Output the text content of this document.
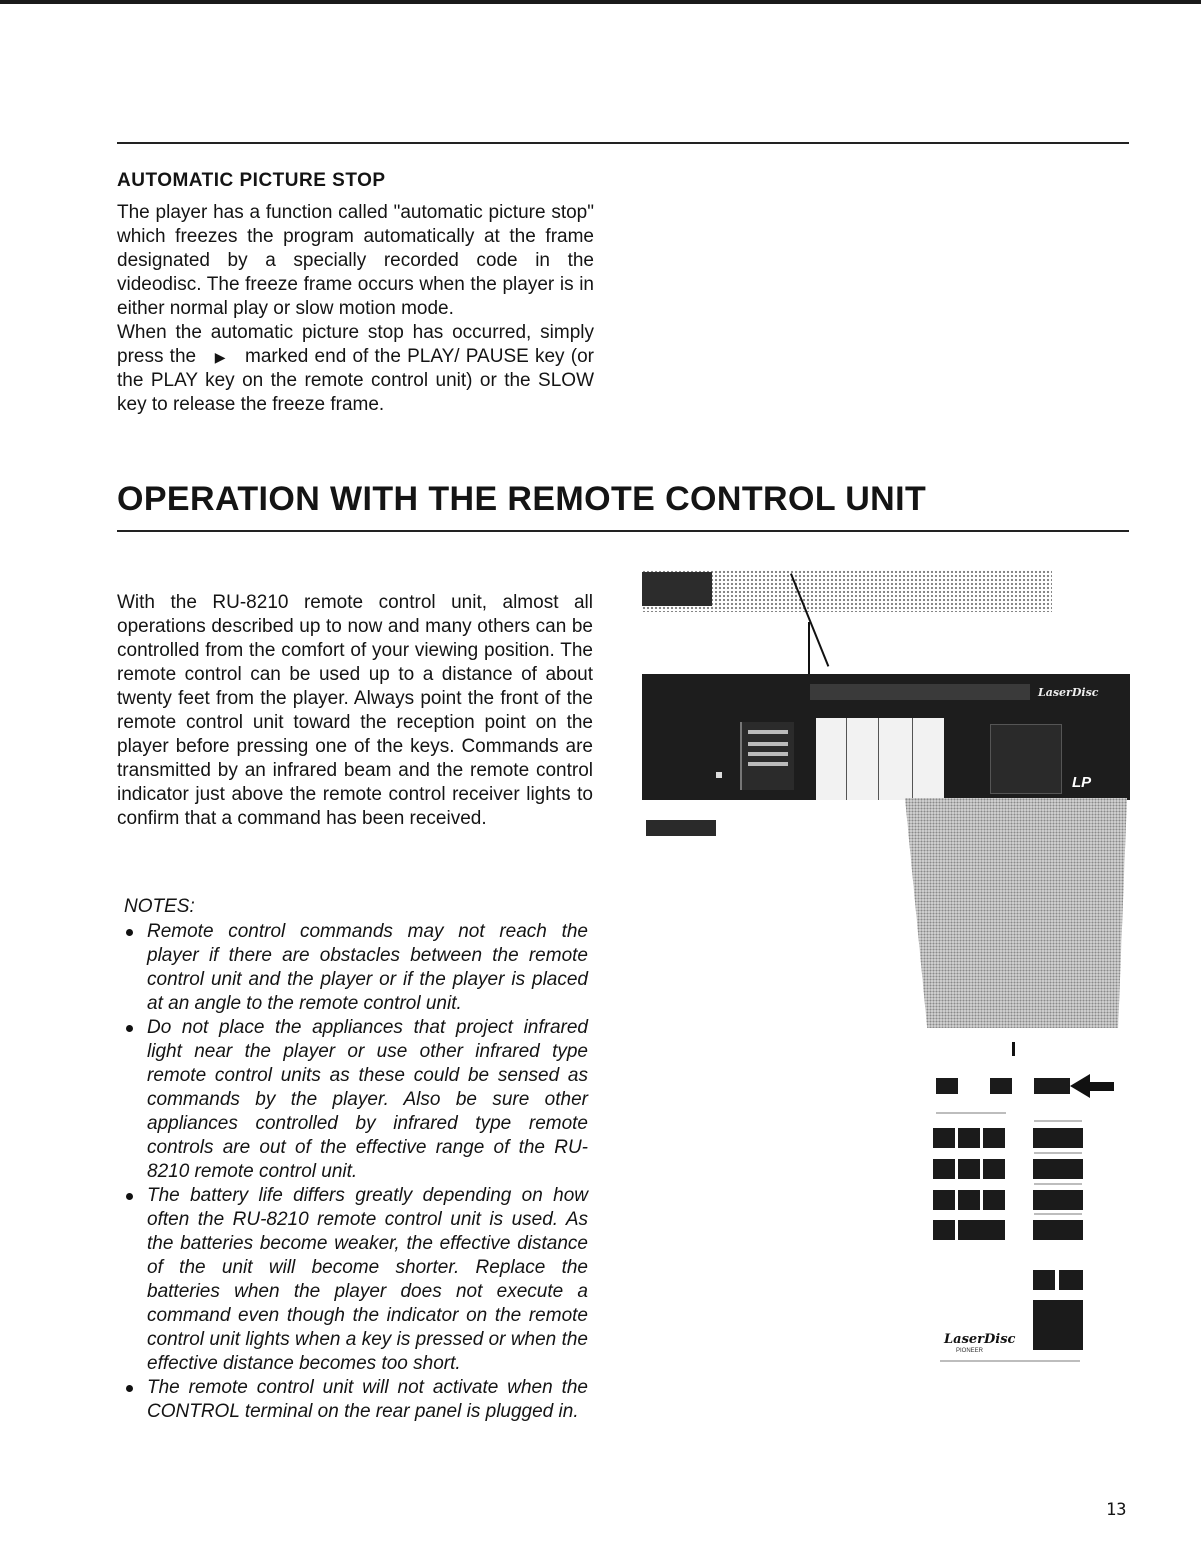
AUTOMATIC PICTURE STOP

The player has a function called "automatic picture stop" which freezes the program automatically at the frame designated by a specially recorded code in the videodisc. The freeze frame occurs when the player is in either normal play or slow motion mode.

When the automatic picture stop has occurred, simply press the ▶ marked end of the PLAY/ PAUSE key (or the PLAY key on the remote control unit) or the SLOW key to release the freeze frame.

OPERATION WITH THE REMOTE CONTROL UNIT

With the RU-8210 remote control unit, almost all operations described up to now and many others can be controlled from the comfort of your viewing position. The remote control can be used up to a distance of about twenty feet from the player. Always point the front of the remote control unit toward the reception point on the player before pressing one of the keys. Commands are transmitted by an infrared beam and the remote control indicator just above the remote control receiver lights to confirm that a command has been received.

NOTES:

Remote control commands may not reach the player if there are obstacles between the remote control unit and the player or if the player is placed at an angle to the remote control unit.
Do not place the appliances that project infrared light near the player or use other infrared type remote control units as these could be sensed as commands by the player. Also be sure other appliances controlled by infrared type remote controls are out of the effective range of the RU-8210 remote control unit.
The battery life differs greatly depending on how often the RU-8210 remote control unit is used. As the batteries become weaker, the effective distance of the unit will become shorter. Replace the batteries when the player does not execute a command even though the indicator on the remote control unit lights when a key is pressed or when the effective distance becomes too short.
The remote control unit will not activate when the CONTROL terminal on the rear panel is plugged in.
LaserDisc
LP
LaserDisc
PIONEER

13
